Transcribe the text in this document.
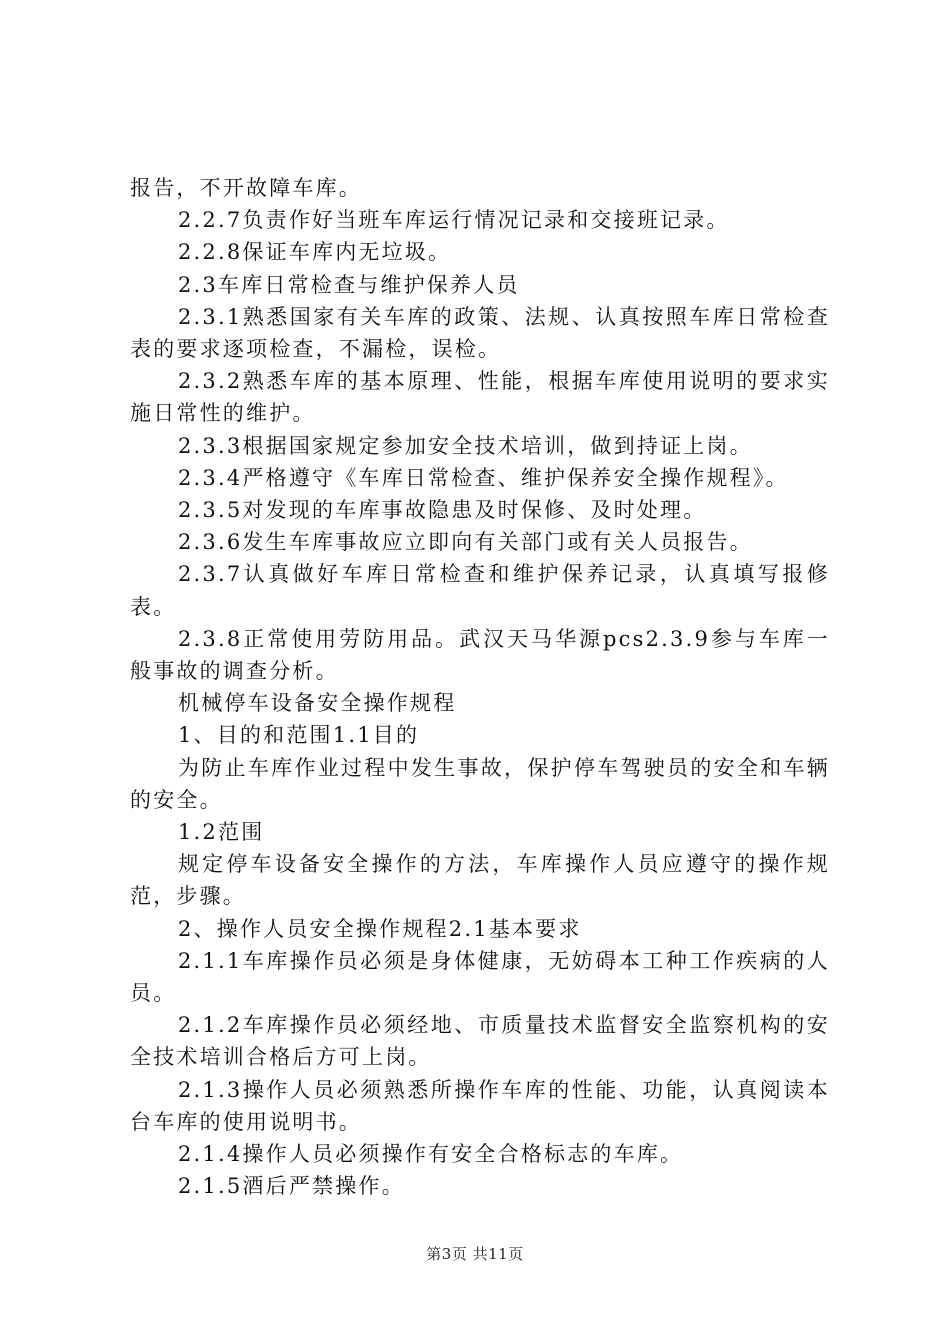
报告，不开故障车库。

2.2.7负责作好当班车库运行情况记录和交接班记录。

2.2.8保证车库内无垃圾。

2.3车库日常检查与维护保养人员

2.3.1熟悉国家有关车库的政策、法规、认真按照车库日常检查表的要求逐项检查，不漏检，误检。

2.3.2熟悉车库的基本原理、性能，根据车库使用说明的要求实施日常性的维护。

2.3.3根据国家规定参加安全技术培训，做到持证上岗。

2.3.4严格遵守《车库日常检查、维护保养安全操作规程》。

2.3.5对发现的车库事故隐患及时保修、及时处理。

2.3.6发生车库事故应立即向有关部门或有关人员报告。

2.3.7认真做好车库日常检查和维护保养记录，认真填写报修表。

2.3.8正常使用劳防用品。武汉天马华源pcs2.3.9参与车库一般事故的调查分析。

机械停车设备安全操作规程

1、目的和范围1.1目的

为防止车库作业过程中发生事故，保护停车驾驶员的安全和车辆的安全。

1.2范围

规定停车设备安全操作的方法，车库操作人员应遵守的操作规范，步骤。

2、操作人员安全操作规程2.1基本要求

2.1.1车库操作员必须是身体健康，无妨碍本工种工作疾病的人员。

2.1.2车库操作员必须经地、市质量技术监督安全监察机构的安全技术培训合格后方可上岗。

2.1.3操作人员必须熟悉所操作车库的性能、功能，认真阅读本台车库的使用说明书。

2.1.4操作人员必须操作有安全合格标志的车库。

2.1.5酒后严禁操作。

第3页 共11页
